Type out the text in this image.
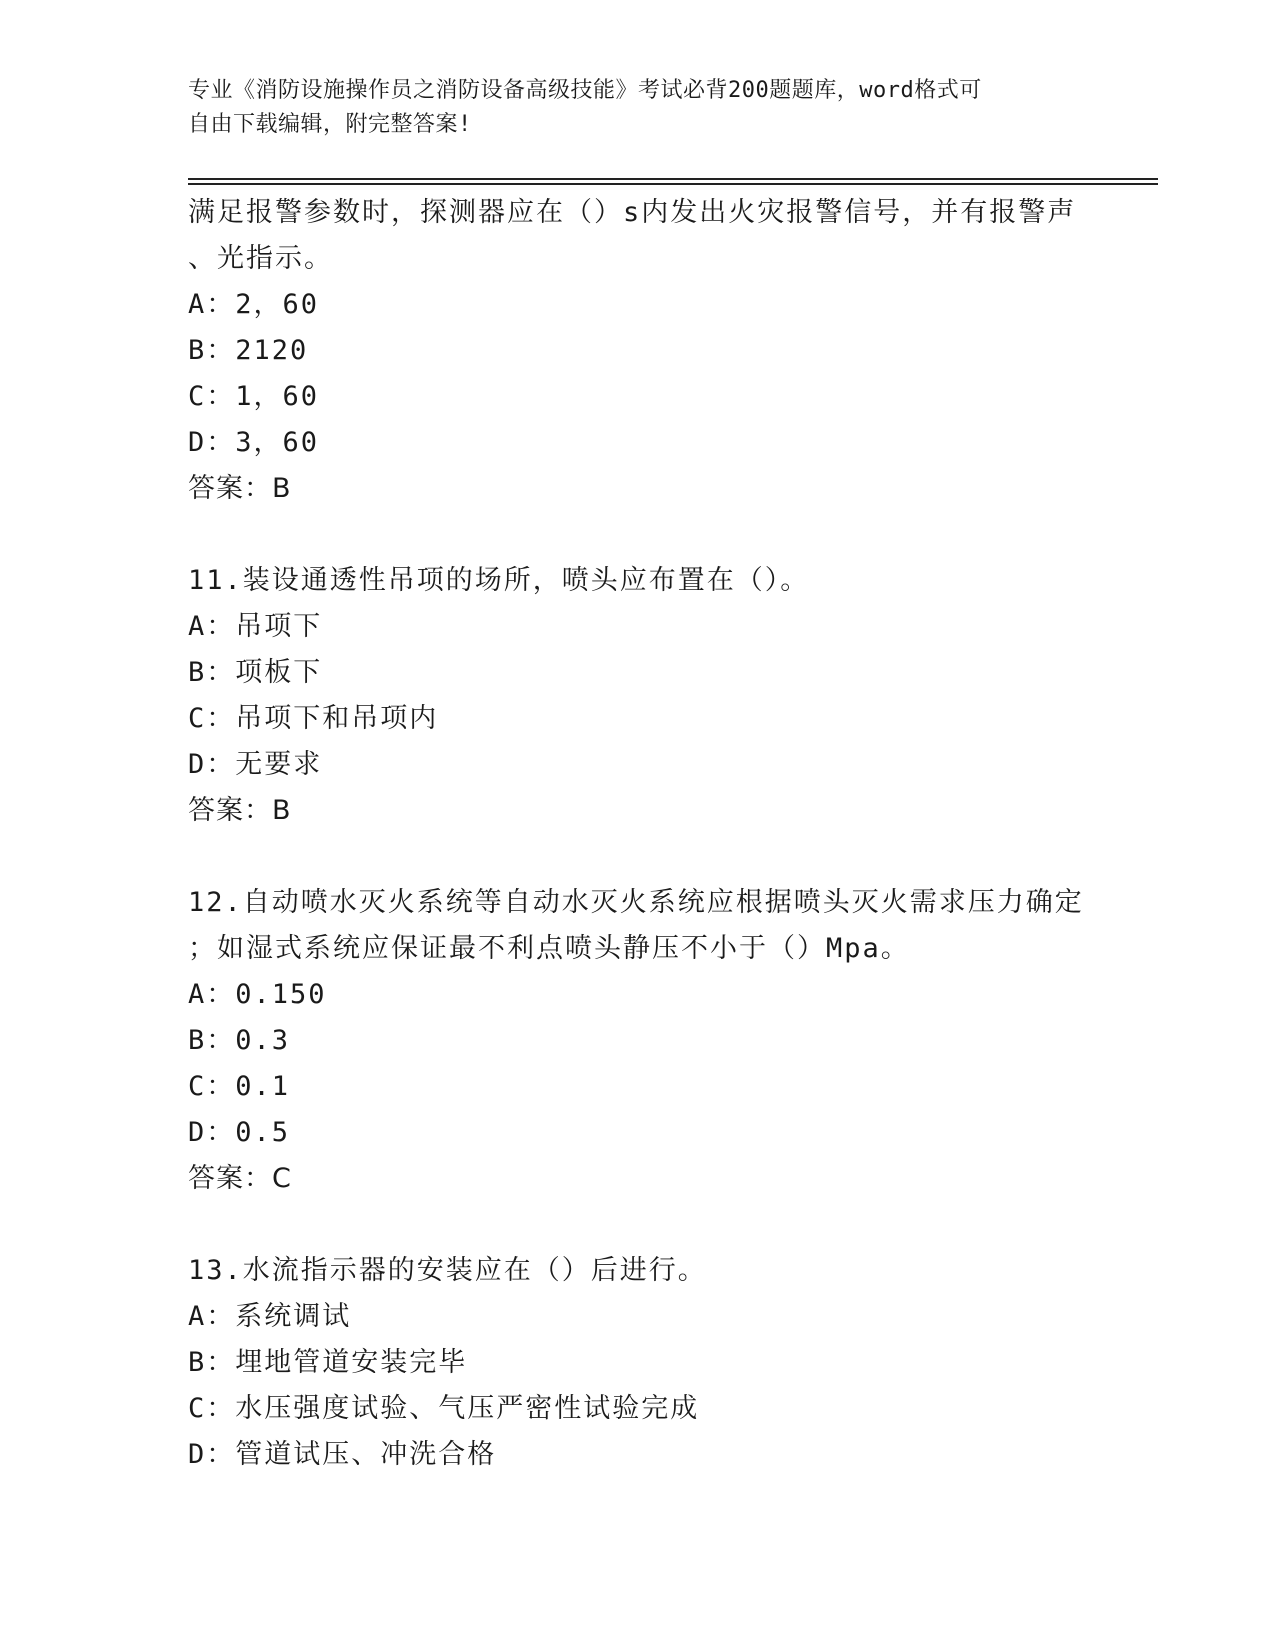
专业《消防设施操作员之消防设备高级技能》考试必背200题题库，word格式可
自由下载编辑，附完整答案!
满足报警参数时，探测器应在（）s内发出火灾报警信号，并有报警声
、光指示。
A：2，60
B：2120
C：1，60
D：3，60
答案：B
11.装设通透性吊项的场所，喷头应布置在（）。
A：吊项下
B：项板下
C：吊项下和吊项内
D：无要求
答案：B
12.自动喷水灭火系统等自动水灭火系统应根据喷头灭火需求压力确定
；如湿式系统应保证最不利点喷头静压不小于（）Mpa。
A：0.150
B：0.3
C：0.1
D：0.5
答案：C
13.水流指示器的安装应在（）后进行。
A：系统调试
B：埋地管道安装完毕
C：水压强度试验、气压严密性试验完成
D：管道试压、冲洗合格
